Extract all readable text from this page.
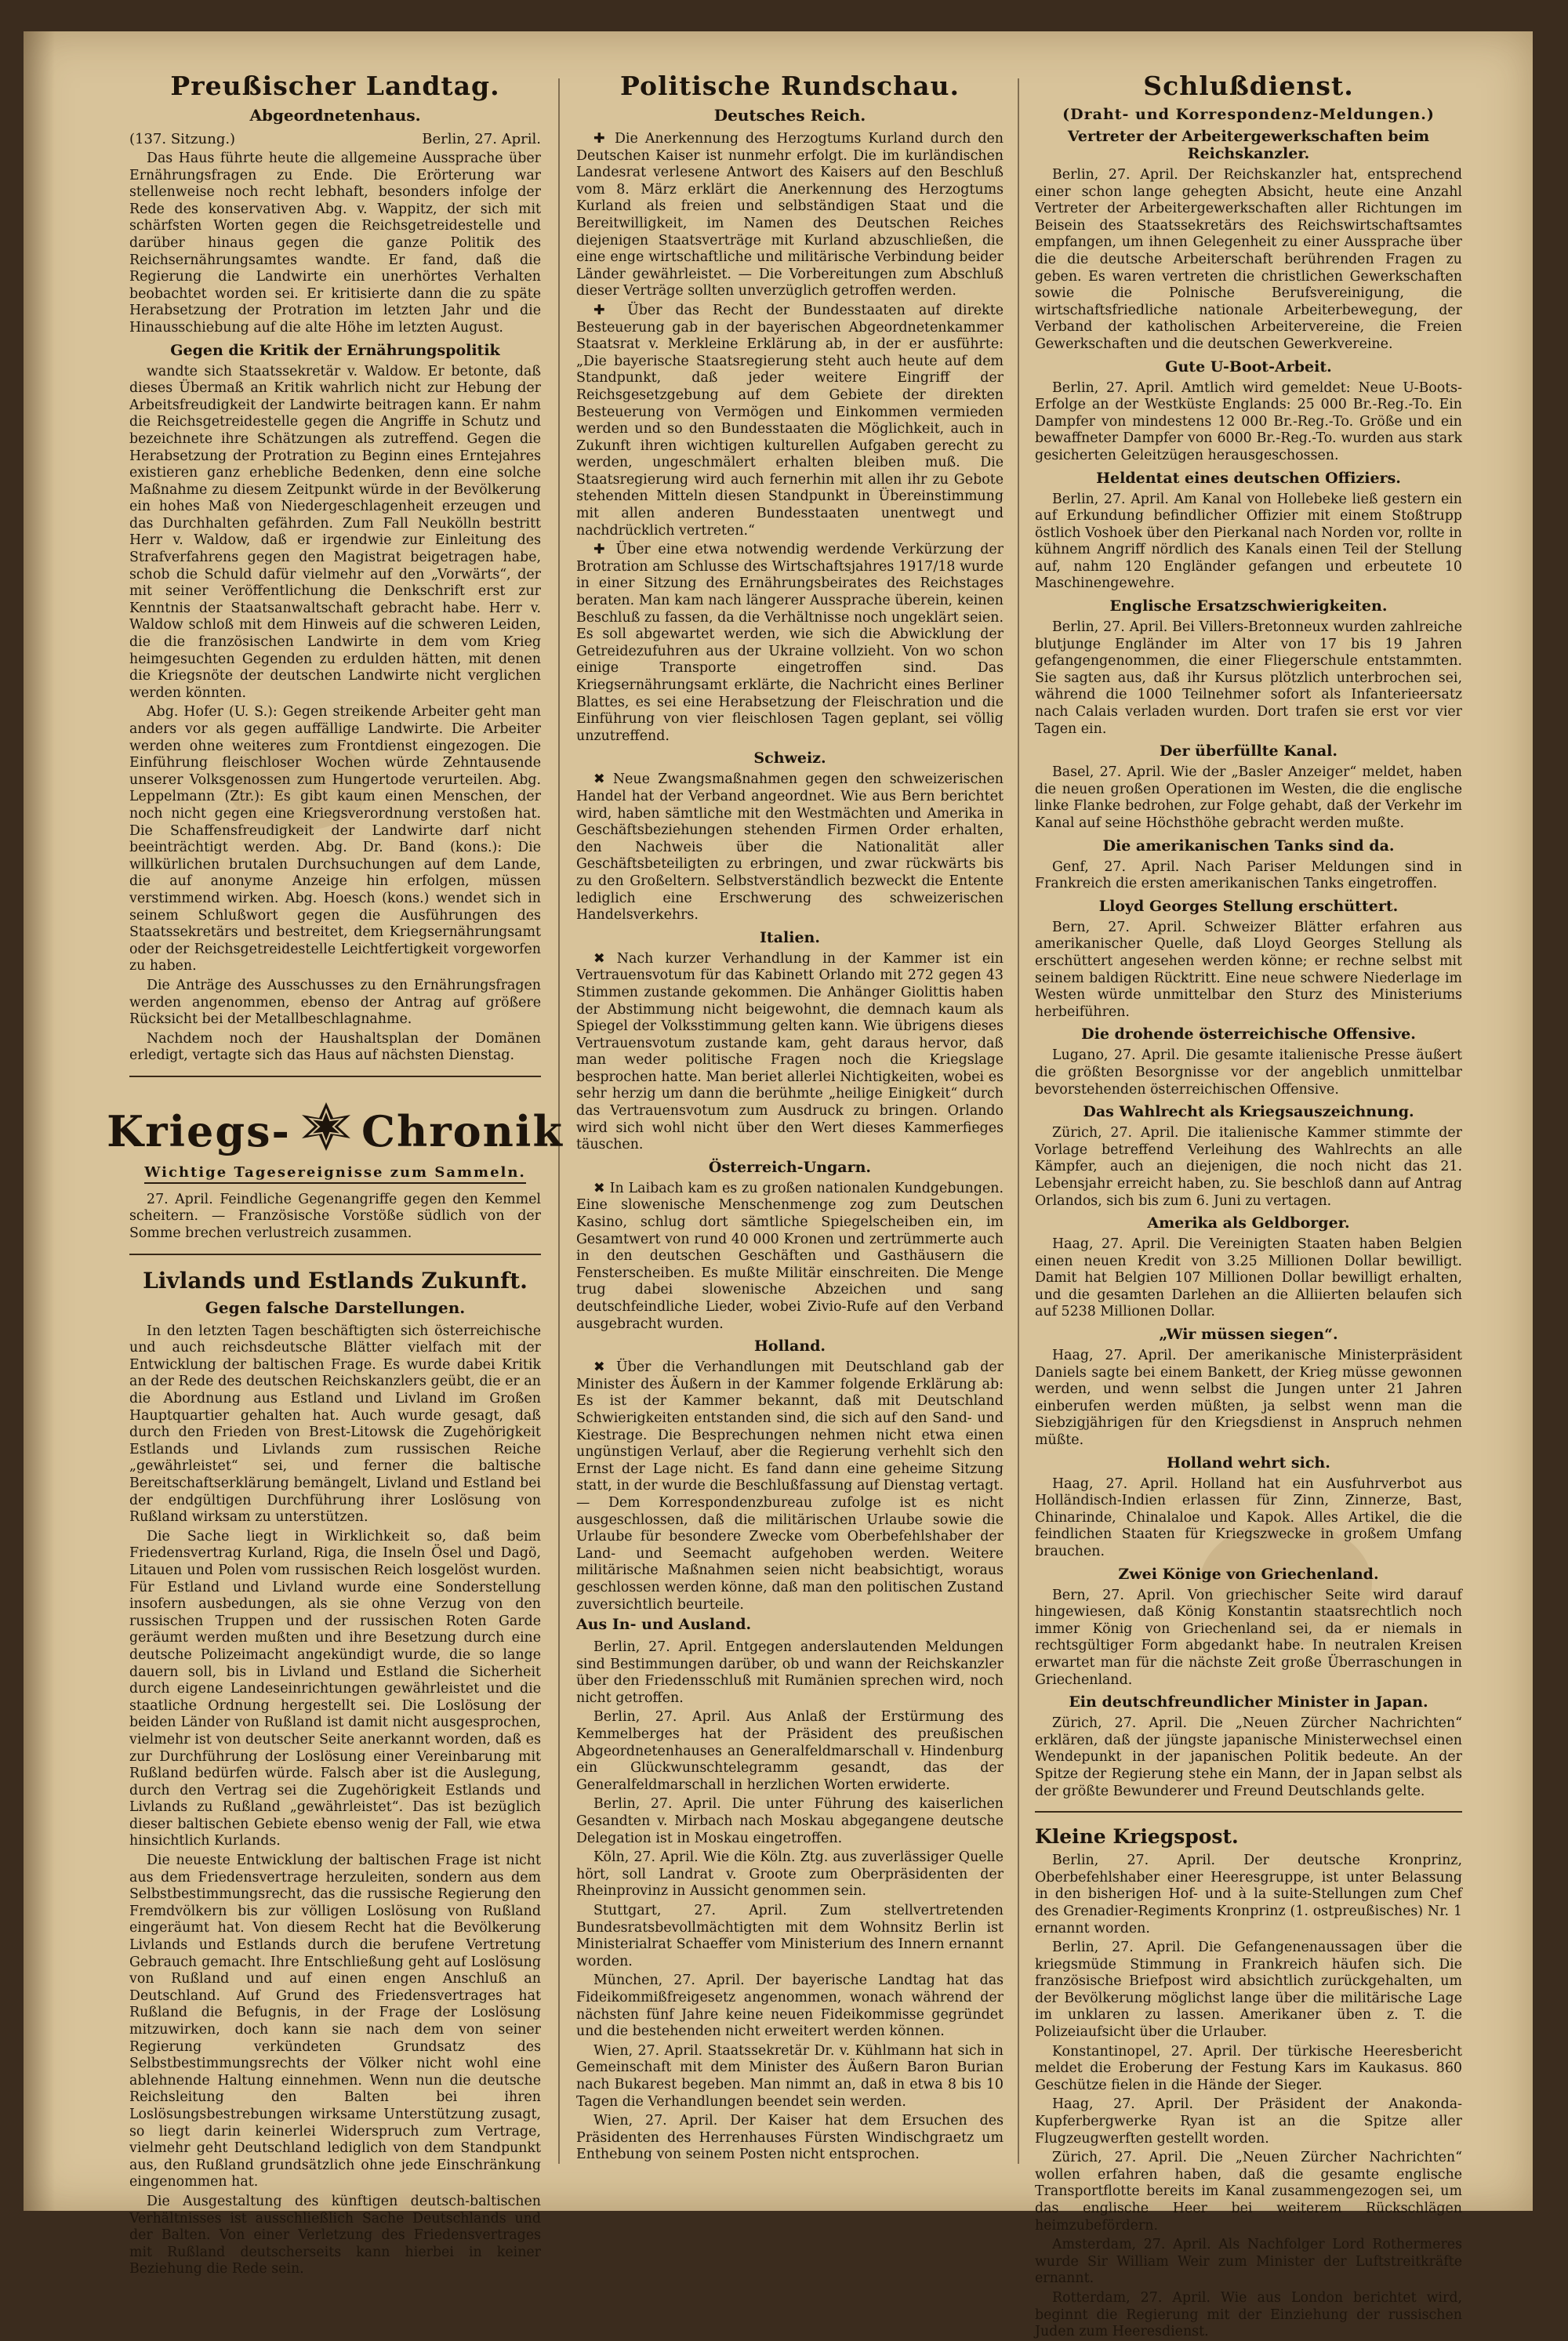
Preußischer Landtag.
Abgeordnetenhaus.
(137. Sitzung.)	Berlin, 27. April.

Das Haus führte heute die allgemeine Aussprache über Ernährungsfragen zu Ende. Die Erörterung war stellenweise noch recht lebhaft, besonders infolge der Rede des konservativen Abg. v. Wappitz, der sich mit schärfsten Worten gegen die Reichsgetreidestelle und darüber hinaus gegen die ganze Politik des Reichsernährungsamtes wandte. Er fand, daß die Regierung die Landwirte ein unerhörtes Verhalten beobachtet worden sei. Er kritisierte dann die zu späte Herabsetzung der Protration im letzten Jahr und die Hinausschiebung auf die alte Höhe im letzten August.

Gegen die Kritik der Ernährungspolitik

wandte sich Staatssekretär v. Waldow. Er betonte, daß dieses Übermaß an Kritik wahrlich nicht zur Hebung der Arbeitsfreudigkeit der Landwirte beitragen kann. Er nahm die Reichsgetreidestelle gegen die Angriffe in Schutz und bezeichnete ihre Schätzungen als zutreffend. Gegen die Herabsetzung der Protration zu Beginn eines Erntejahres existieren ganz erhebliche Bedenken, denn eine solche Maßnahme zu diesem Zeitpunkt würde in der Bevölkerung ein hohes Maß von Niedergeschlagenheit erzeugen und das Durchhalten gefährden. Zum Fall Neukölln bestritt Herr v. Waldow, daß er irgendwie zur Einleitung des Strafverfahrens gegen den Magistrat beigetragen habe, schob die Schuld dafür vielmehr auf den „Vorwärts“, der mit seiner Veröffentlichung die Denkschrift erst zur Kenntnis der Staatsanwaltschaft gebracht habe. Herr v. Waldow schloß mit dem Hinweis auf die schweren Leiden, die die französischen Landwirte in dem vom Krieg heimgesuchten Gegenden zu erdulden hätten, mit denen die Kriegsnöte der deutschen Landwirte nicht verglichen werden könnten.

Abg. Hofer (U. S.): Gegen streikende Arbeiter geht man anders vor als gegen auffällige Landwirte. Die Arbeiter werden ohne weiteres zum Frontdienst eingezogen. Die Einführung fleischloser Wochen würde Zehntausende unserer Volksgenossen zum Hungertode verurteilen. Abg. Leppelmann (Ztr.): Es gibt kaum einen Menschen, der noch nicht gegen eine Kriegsverordnung verstoßen hat. Die Schaffensfreudigkeit der Landwirte darf nicht beeinträchtigt werden. Abg. Dr. Band (kons.): Die willkürlichen brutalen Durchsuchungen auf dem Lande, die auf anonyme Anzeige hin erfolgen, müssen verstimmend wirken. Abg. Hoesch (kons.) wendet sich in seinem Schlußwort gegen die Ausführungen des Staatssekretärs und bestreitet, dem Kriegsernährungsamt oder der Reichsgetreidestelle Leichtfertigkeit vorgeworfen zu haben.

Die Anträge des Ausschusses zu den Ernährungsfragen werden angenommen, ebenso der Antrag auf größere Rücksicht bei der Metallbeschlagnahme.

Nachdem noch der Haushaltsplan der Domänen erledigt, vertagte sich das Haus auf nächsten Dienstag.

Kriegs- Chronik
Wichtige Tagesereignisse zum Sammeln.

27. April. Feindliche Gegenangriffe gegen den Kemmel scheitern. — Französische Vorstöße südlich von der Somme brechen verlustreich zusammen.

Livlands und Estlands Zukunft.
Gegen falsche Darstellungen.

In den letzten Tagen beschäftigten sich österreichische und auch reichsdeutsche Blätter vielfach mit der Entwicklung der baltischen Frage. Es wurde dabei Kritik an der Rede des deutschen Reichskanzlers geübt, die er an die Abordnung aus Estland und Livland im Großen Hauptquartier gehalten hat. Auch wurde gesagt, daß durch den Frieden von Brest-Litowsk die Zugehörigkeit Estlands und Livlands zum russischen Reiche „gewährleistet“ sei, und ferner die baltische Bereitschaftserklärung bemängelt, Livland und Estland bei der endgültigen Durchführung ihrer Loslösung von Rußland wirksam zu unterstützen.

Die Sache liegt in Wirklichkeit so, daß beim Friedensvertrag Kurland, Riga, die Inseln Ösel und Dagö, Litauen und Polen vom russischen Reich losgelöst wurden. Für Estland und Livland wurde eine Sonderstellung insofern ausbedungen, als sie ohne Verzug von den russischen Truppen und der russischen Roten Garde geräumt werden mußten und ihre Besetzung durch eine deutsche Polizeimacht angekündigt wurde, die so lange dauern soll, bis in Livland und Estland die Sicherheit durch eigene Landeseinrichtungen gewährleistet und die staatliche Ordnung hergestellt sei. Die Loslösung der beiden Länder von Rußland ist damit nicht ausgesprochen, vielmehr ist von deutscher Seite anerkannt worden, daß es zur Durchführung der Loslösung einer Vereinbarung mit Rußland bedürfen würde. Falsch aber ist die Auslegung, durch den Vertrag sei die Zugehörigkeit Estlands und Livlands zu Rußland „gewährleistet“. Das ist bezüglich dieser baltischen Gebiete ebenso wenig der Fall, wie etwa hinsichtlich Kurlands.

Die neueste Entwicklung der baltischen Frage ist nicht aus dem Friedensvertrage herzuleiten, sondern aus dem Selbstbestimmungsrecht, das die russische Regierung den Fremdvölkern bis zur völligen Loslösung von Rußland eingeräumt hat. Von diesem Recht hat die Bevölkerung Livlands und Estlands durch die berufene Vertretung Gebrauch gemacht. Ihre Entschließung geht auf Loslösung von Rußland und auf einen engen Anschluß an Deutschland. Auf Grund des Friedensvertrages hat Rußland die Befugnis, in der Frage der Loslösung mitzuwirken, doch kann sie nach dem von seiner Regierung verkündeten Grundsatz des Selbstbestimmungsrechts der Völker nicht wohl eine ablehnende Haltung einnehmen. Wenn nun die deutsche Reichsleitung den Balten bei ihren Loslösungsbestrebungen wirksame Unterstützung zusagt, so liegt darin keinerlei Widerspruch zum Vertrage, vielmehr geht Deutschland lediglich von dem Standpunkt aus, den Rußland grundsätzlich ohne jede Einschränkung eingenommen hat.

Die Ausgestaltung des künftigen deutsch-baltischen Verhältnisses ist ausschließlich Sache Deutschlands und der Balten. Von einer Verletzung des Friedensvertrages mit Rußland deutscherseits kann hierbei in keiner Beziehung die Rede sein.

Politische Rundschau.
Deutsches Reich.

✚ Die Anerkennung des Herzogtums Kurland durch den Deutschen Kaiser ist nunmehr erfolgt. Die im kurländischen Landesrat verlesene Antwort des Kaisers auf den Beschluß vom 8. März erklärt die Anerkennung des Herzogtums Kurland als freien und selbständigen Staat und die Bereitwilligkeit, im Namen des Deutschen Reiches diejenigen Staatsverträge mit Kurland abzuschließen, die eine enge wirtschaftliche und militärische Verbindung beider Länder gewährleistet. — Die Vorbereitungen zum Abschluß dieser Verträge sollten unverzüglich getroffen werden.

✚ Über das Recht der Bundesstaaten auf direkte Besteuerung gab in der bayerischen Abgeordnetenkammer Staatsrat v. Merkleine Erklärung ab, in der er ausführte: „Die bayerische Staatsregierung steht auch heute auf dem Standpunkt, daß jeder weitere Eingriff der Reichsgesetzgebung auf dem Gebiete der direkten Besteuerung von Vermögen und Einkommen vermieden werden und so den Bundesstaaten die Möglichkeit, auch in Zukunft ihren wichtigen kulturellen Aufgaben gerecht zu werden, ungeschmälert erhalten bleiben muß. Die Staatsregierung wird auch fernerhin mit allen ihr zu Gebote stehenden Mitteln diesen Standpunkt in Übereinstimmung mit allen anderen Bundesstaaten unentwegt und nachdrücklich vertreten.“

✚ Über eine etwa notwendig werdende Verkürzung der Brotration am Schlusse des Wirtschaftsjahres 1917/18 wurde in einer Sitzung des Ernährungsbeirates des Reichstages beraten. Man kam nach längerer Aussprache überein, keinen Beschluß zu fassen, da die Verhältnisse noch ungeklärt seien. Es soll abgewartet werden, wie sich die Abwicklung der Getreidezufuhren aus der Ukraine vollzieht. Von wo schon einige Transporte eingetroffen sind. Das Kriegsernährungsamt erklärte, die Nachricht eines Berliner Blattes, es sei eine Herabsetzung der Fleischration und die Einführung von vier fleischlosen Tagen geplant, sei völlig unzutreffend.

Schweiz.

✖ Neue Zwangsmaßnahmen gegen den schweizerischen Handel hat der Verband angeordnet. Wie aus Bern berichtet wird, haben sämtliche mit den Westmächten und Amerika in Geschäftsbeziehungen stehenden Firmen Order erhalten, den Nachweis über die Nationalität aller Geschäftsbeteiligten zu erbringen, und zwar rückwärts bis zu den Großeltern. Selbstverständlich bezweckt die Entente lediglich eine Erschwerung des schweizerischen Handelsverkehrs.

Italien.

✖ Nach kurzer Verhandlung in der Kammer ist ein Vertrauensvotum für das Kabinett Orlando mit 272 gegen 43 Stimmen zustande gekommen. Die Anhänger Giolittis haben der Abstimmung nicht beigewohnt, die demnach kaum als Spiegel der Volksstimmung gelten kann. Wie übrigens dieses Vertrauensvotum zustande kam, geht daraus hervor, daß man weder politische Fragen noch die Kriegslage besprochen hatte. Man beriet allerlei Nichtigkeiten, wobei es sehr herzig um dann die berühmte „heilige Einigkeit“ durch das Vertrauensvotum zum Ausdruck zu bringen. Orlando wird sich wohl nicht über den Wert dieses Kammerfieges täuschen.

Österreich-Ungarn.

✖ In Laibach kam es zu großen nationalen Kundgebungen. Eine slowenische Menschenmenge zog zum Deutschen Kasino, schlug dort sämtliche Spiegelscheiben ein, im Gesamtwert von rund 40 000 Kronen und zertrümmerte auch in den deutschen Geschäften und Gasthäusern die Fensterscheiben. Es mußte Militär einschreiten. Die Menge trug dabei slowenische Abzeichen und sang deutschfeindliche Lieder, wobei Zivio-Rufe auf den Verband ausgebracht wurden.

Holland.

✖ Über die Verhandlungen mit Deutschland gab der Minister des Äußern in der Kammer folgende Erklärung ab: Es ist der Kammer bekannt, daß mit Deutschland Schwierigkeiten entstanden sind, die sich auf den Sand- und Kiestrage. Die Besprechungen nehmen nicht etwa einen ungünstigen Verlauf, aber die Regierung verhehlt sich den Ernst der Lage nicht. Es fand dann eine geheime Sitzung statt, in der wurde die Beschlußfassung auf Dienstag vertagt. — Dem Korrespondenzbureau zufolge ist es nicht ausgeschlossen, daß die militärischen Urlaube sowie die Urlaube für besondere Zwecke vom Oberbefehlshaber der Land- und Seemacht aufgehoben werden. Weitere militärische Maßnahmen seien nicht beabsichtigt, woraus geschlossen werden könne, daß man den politischen Zustand zuversichtlich beurteile.

Aus In- und Ausland.

Berlin, 27. April. Entgegen anderslautenden Meldungen sind Bestimmungen darüber, ob und wann der Reichskanzler über den Friedensschluß mit Rumänien sprechen wird, noch nicht getroffen.

Berlin, 27. April. Aus Anlaß der Erstürmung des Kemmelberges hat der Präsident des preußischen Abgeordnetenhauses an Generalfeldmarschall v. Hindenburg ein Glückwunschtelegramm gesandt, das der Generalfeldmarschall in herzlichen Worten erwiderte.

Berlin, 27. April. Die unter Führung des kaiserlichen Gesandten v. Mirbach nach Moskau abgegangene deutsche Delegation ist in Moskau eingetroffen.

Köln, 27. April. Wie die Köln. Ztg. aus zuverlässiger Quelle hört, soll Landrat v. Groote zum Oberpräsidenten der Rheinprovinz in Aussicht genommen sein.

Stuttgart, 27. April. Zum stellvertretenden Bundesratsbevollmächtigten mit dem Wohnsitz Berlin ist Ministerialrat Schaeffer vom Ministerium des Innern ernannt worden.

München, 27. April. Der bayerische Landtag hat das Fideikommißfreigesetz angenommen, wonach während der nächsten fünf Jahre keine neuen Fideikommisse gegründet und die bestehenden nicht erweitert werden können.

Wien, 27. April. Staatssekretär Dr. v. Kühlmann hat sich in Gemeinschaft mit dem Minister des Äußern Baron Burian nach Bukarest begeben. Man nimmt an, daß in etwa 8 bis 10 Tagen die Verhandlungen beendet sein werden.

Wien, 27. April. Der Kaiser hat dem Ersuchen des Präsidenten des Herrenhauses Fürsten Windischgraetz um Enthebung von seinem Posten nicht entsprochen.

Schlußdienst.
(Draht- und Korrespondenz-Meldungen.)
Vertreter der Arbeitergewerkschaften beim Reichskanzler.

Berlin, 27. April. Der Reichskanzler hat, entsprechend einer schon lange gehegten Absicht, heute eine Anzahl Vertreter der Arbeitergewerkschaften aller Richtungen im Beisein des Staatssekretärs des Reichswirtschaftsamtes empfangen, um ihnen Gelegenheit zu einer Aussprache über die die deutsche Arbeiterschaft berührenden Fragen zu geben. Es waren vertreten die christlichen Gewerkschaften sowie die Polnische Berufsvereinigung, die wirtschaftsfriedliche nationale Arbeiterbewegung, der Verband der katholischen Arbeitervereine, die Freien Gewerkschaften und die deutschen Gewerkvereine.

Gute U-Boot-Arbeit.

Berlin, 27. April. Amtlich wird gemeldet: Neue U-Boots-Erfolge an der Westküste Englands: 25 000 Br.-Reg.-To. Ein Dampfer von mindestens 12 000 Br.-Reg.-To. Größe und ein bewaffneter Dampfer von 6000 Br.-Reg.-To. wurden aus stark gesicherten Geleitzügen herausgeschossen.

Heldentat eines deutschen Offiziers.

Berlin, 27. April. Am Kanal von Hollebeke ließ gestern ein auf Erkundung befindlicher Offizier mit einem Stoßtrupp östlich Voshoek über den Pierkanal nach Norden vor, rollte in kühnem Angriff nördlich des Kanals einen Teil der Stellung auf, nahm 120 Engländer gefangen und erbeutete 10 Maschinengewehre.

Englische Ersatzschwierigkeiten.

Berlin, 27. April. Bei Villers-Bretonneux wurden zahlreiche blutjunge Engländer im Alter von 17 bis 19 Jahren gefangengenommen, die einer Fliegerschule entstammten. Sie sagten aus, daß ihr Kursus plötzlich unterbrochen sei, während die 1000 Teilnehmer sofort als Infanterieersatz nach Calais verladen wurden. Dort trafen sie erst vor vier Tagen ein.

Der überfüllte Kanal.

Basel, 27. April. Wie der „Basler Anzeiger“ meldet, haben die neuen großen Operationen im Westen, die die englische linke Flanke bedrohen, zur Folge gehabt, daß der Verkehr im Kanal auf seine Höchsthöhe gebracht werden mußte.

Die amerikanischen Tanks sind da.

Genf, 27. April. Nach Pariser Meldungen sind in Frankreich die ersten amerikanischen Tanks eingetroffen.

Lloyd Georges Stellung erschüttert.

Bern, 27. April. Schweizer Blätter erfahren aus amerikanischer Quelle, daß Lloyd Georges Stellung als erschüttert angesehen werden könne; er rechne selbst mit seinem baldigen Rücktritt. Eine neue schwere Niederlage im Westen würde unmittelbar den Sturz des Ministeriums herbeiführen.

Die drohende österreichische Offensive.

Lugano, 27. April. Die gesamte italienische Presse äußert die größten Besorgnisse vor der angeblich unmittelbar bevorstehenden österreichischen Offensive.

Das Wahlrecht als Kriegsauszeichnung.

Zürich, 27. April. Die italienische Kammer stimmte der Vorlage betreffend Verleihung des Wahlrechts an alle Kämpfer, auch an diejenigen, die noch nicht das 21. Lebensjahr erreicht haben, zu. Sie beschloß dann auf Antrag Orlandos, sich bis zum 6. Juni zu vertagen.

Amerika als Geldborger.

Haag, 27. April. Die Vereinigten Staaten haben Belgien einen neuen Kredit von 3.25 Millionen Dollar bewilligt. Damit hat Belgien 107 Millionen Dollar bewilligt erhalten, und die gesamten Darlehen an die Alliierten belaufen sich auf 5238 Millionen Dollar.

„Wir müssen siegen“.

Haag, 27. April. Der amerikanische Ministerpräsident Daniels sagte bei einem Bankett, der Krieg müsse gewonnen werden, und wenn selbst die Jungen unter 21 Jahren einberufen werden müßten, ja selbst wenn man die Siebzigjährigen für den Kriegsdienst in Anspruch nehmen müßte.

Holland wehrt sich.

Haag, 27. April. Holland hat ein Ausfuhrverbot aus Holländisch-Indien erlassen für Zinn, Zinnerze, Bast, Chinarinde, Chinalaloe und Kapok. Alles Artikel, die die feindlichen Staaten für Kriegszwecke in großem Umfang brauchen.

Zwei Könige von Griechenland.

Bern, 27. April. Von griechischer Seite wird darauf hingewiesen, daß König Konstantin staatsrechtlich noch immer König von Griechenland sei, da er niemals in rechtsgültiger Form abgedankt habe. In neutralen Kreisen erwartet man für die nächste Zeit große Überraschungen in Griechenland.

Ein deutschfreundlicher Minister in Japan.

Zürich, 27. April. Die „Neuen Zürcher Nachrichten“ erklären, daß der jüngste japanische Ministerwechsel einen Wendepunkt in der japanischen Politik bedeute. An der Spitze der Regierung stehe ein Mann, der in Japan selbst als der größte Bewunderer und Freund Deutschlands gelte.

Kleine Kriegspost.

Berlin, 27. April. Der deutsche Kronprinz, Oberbefehlshaber einer Heeresgruppe, ist unter Belassung in den bisherigen Hof- und à la suite-Stellungen zum Chef des Grenadier-Regiments Kronprinz (1. ostpreußisches) Nr. 1 ernannt worden.

Berlin, 27. April. Die Gefangenenaussagen über die kriegsmüde Stimmung in Frankreich häufen sich. Die französische Briefpost wird absichtlich zurückgehalten, um der Bevölkerung möglichst lange über die militärische Lage im unklaren zu lassen. Amerikaner üben z. T. die Polizeiaufsicht über die Urlauber.

Konstantinopel, 27. April. Der türkische Heeresbericht meldet die Eroberung der Festung Kars im Kaukasus. 860 Geschütze fielen in die Hände der Sieger.

Haag, 27. April. Der Präsident der Anakonda-Kupferbergwerke Ryan ist an die Spitze aller Flugzeugwerften gestellt worden.

Zürich, 27. April. Die „Neuen Zürcher Nachrichten“ wollen erfahren haben, daß die gesamte englische Transportflotte bereits im Kanal zusammengezogen sei, um das englische Heer bei weiterem Rückschlägen heimzubefördern.

Amsterdam, 27. April. Als Nachfolger Lord Rothermeres wurde Sir William Weir zum Minister der Luftstreitkräfte ernannt.

Rotterdam, 27. April. Wie aus London berichtet wird, beginnt die Regierung mit der Einziehung der russischen Juden zum Heeresdienst.
